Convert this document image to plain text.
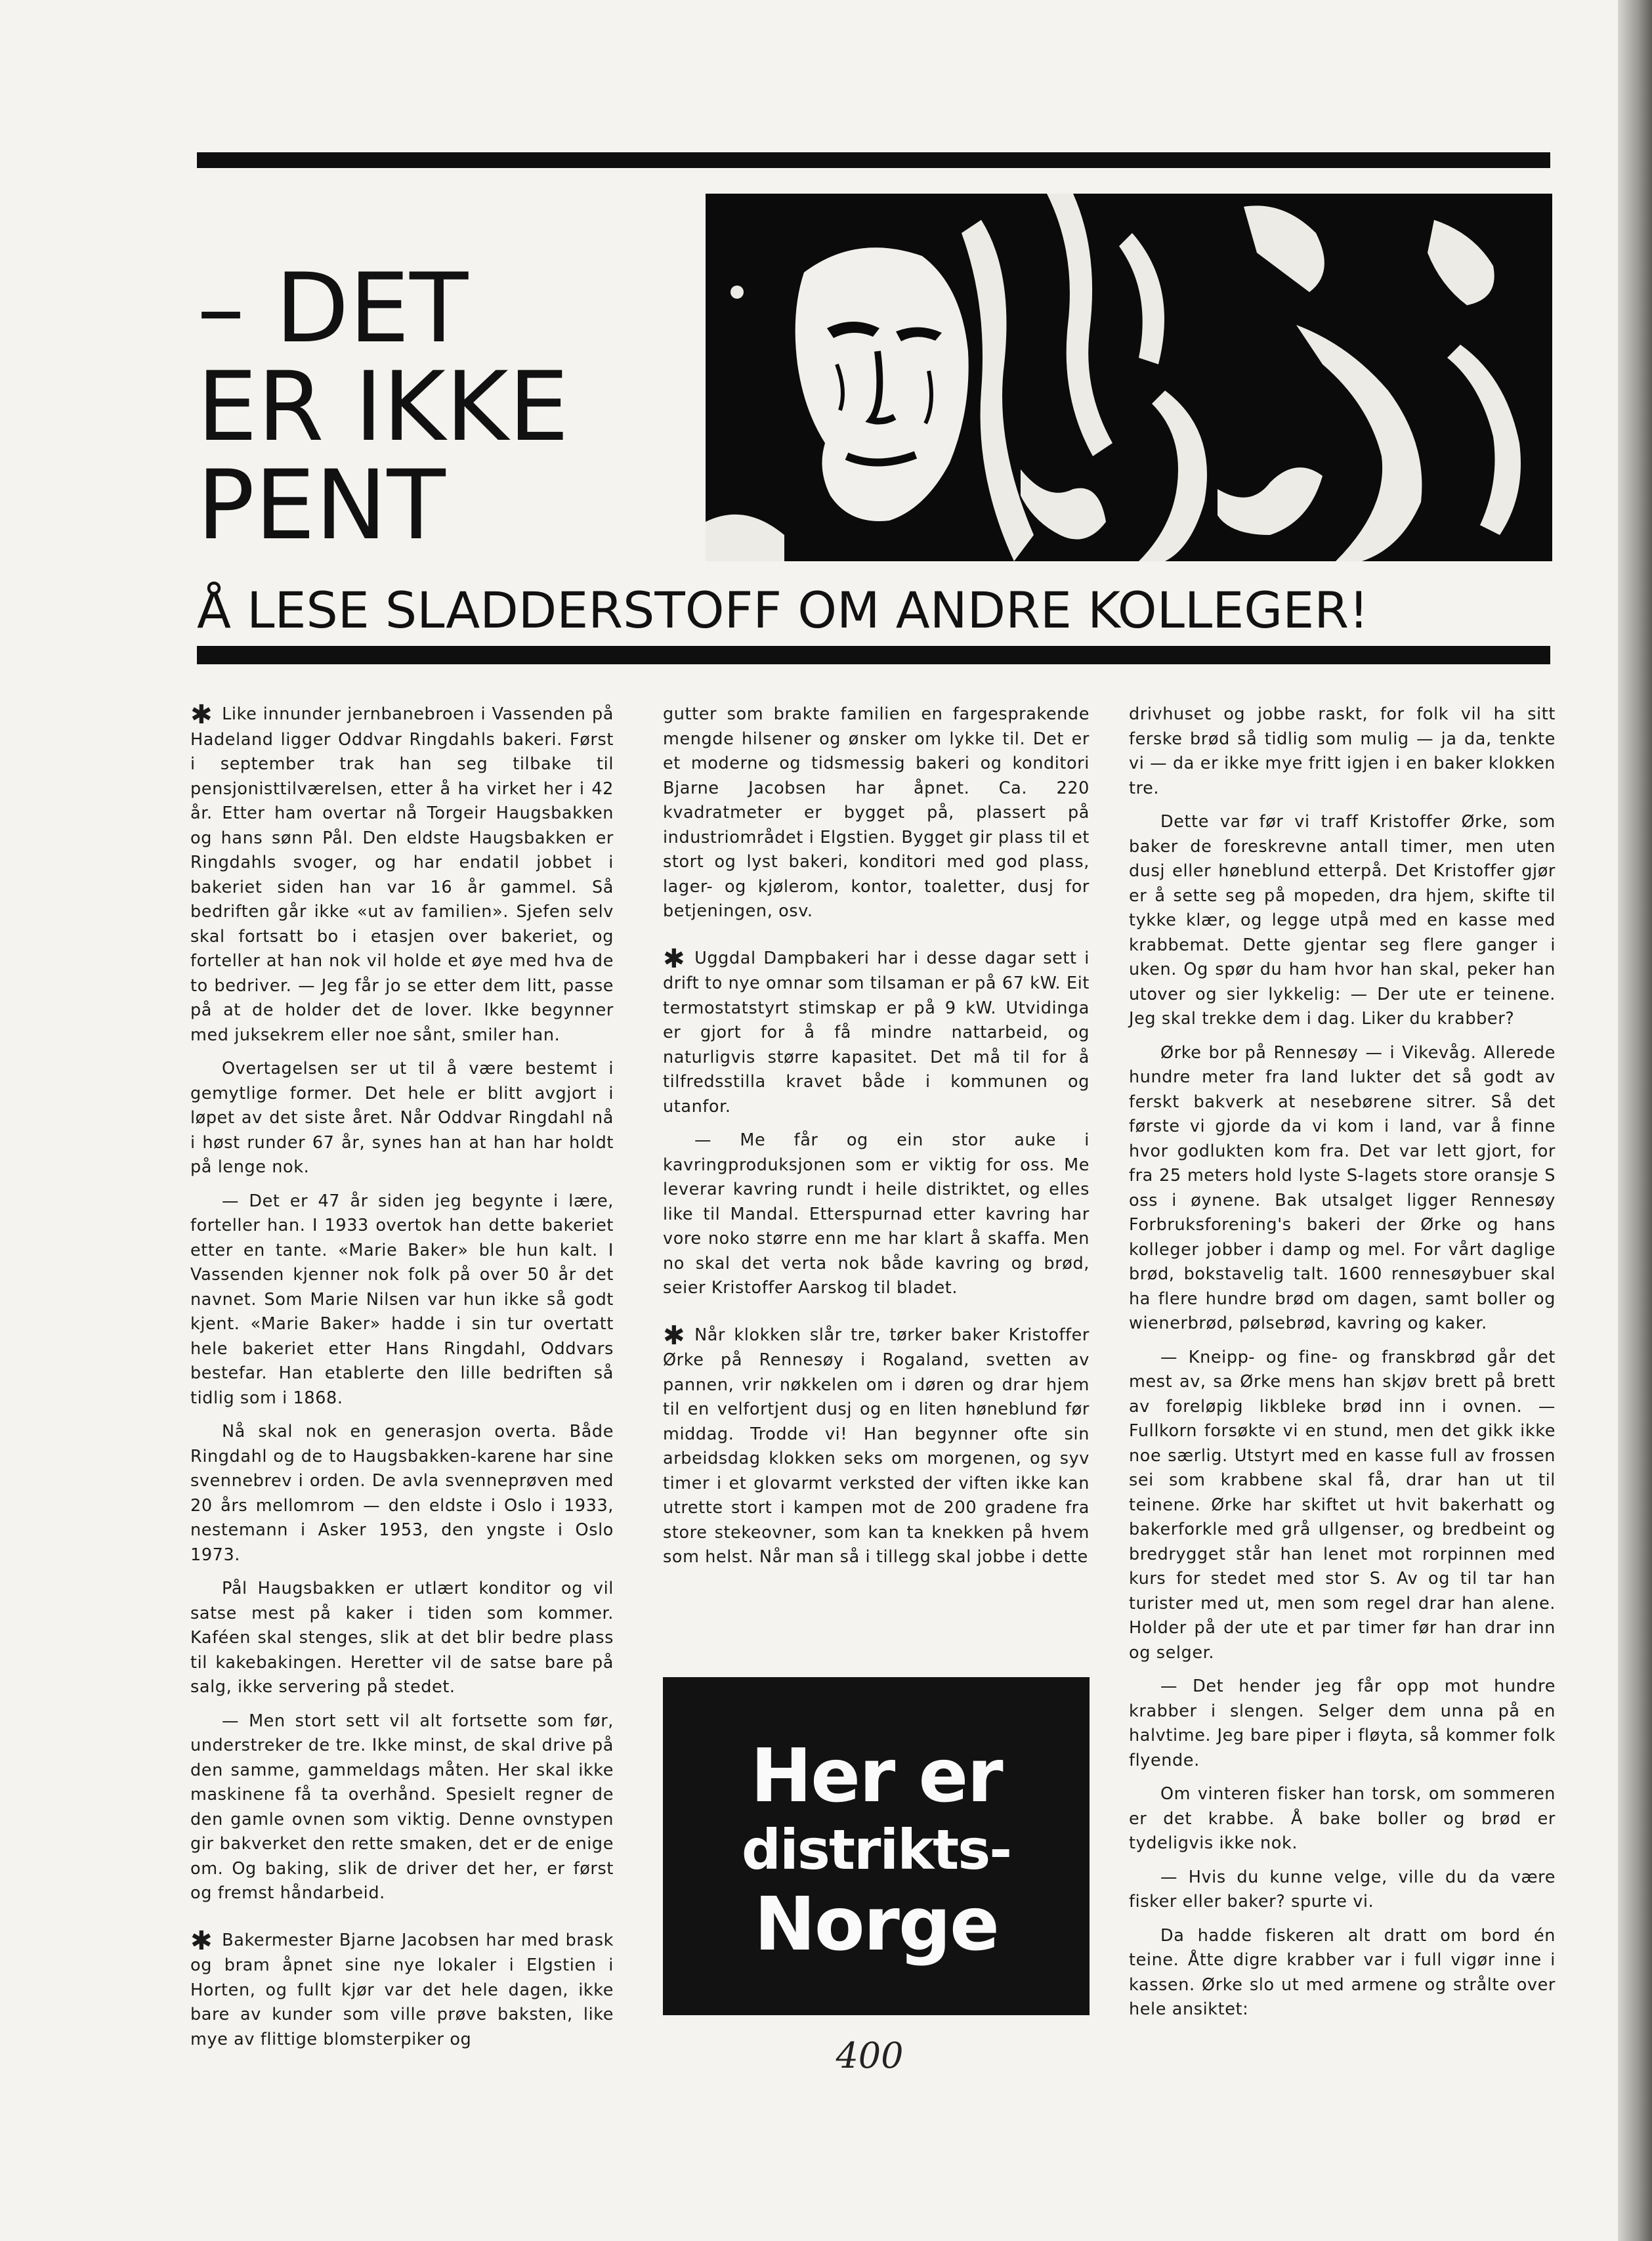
– DET
ER IKKE
PENT
Å LESE SLADDERSTOFF OM ANDRE KOLLEGER!

✱ Like innunder jernbanebroen i Vassenden på Hadeland ligger Oddvar Ringdahls bakeri. Først i september trak han seg tilbake til pensjonisttilværelsen, etter å ha virket her i 42 år. Etter ham overtar nå Torgeir Haugsbakken og hans sønn Pål. Den eldste Haugsbakken er Ringdahls svoger, og har endatil jobbet i bakeriet siden han var 16 år gammel. Så bedriften går ikke «ut av familien». Sjefen selv skal fortsatt bo i etasjen over bakeriet, og forteller at han nok vil holde et øye med hva de to bedriver. — Jeg får jo se etter dem litt, passe på at de holder det de lover. Ikke begynner med juksekrem eller noe sånt, smiler han.

Overtagelsen ser ut til å være bestemt i gemytlige former. Det hele er blitt avgjort i løpet av det siste året. Når Oddvar Ringdahl nå i høst runder 67 år, synes han at han har holdt på lenge nok.

— Det er 47 år siden jeg begynte i lære, forteller han. I 1933 overtok han dette bakeriet etter en tante. «Marie Baker» ble hun kalt. I Vassenden kjenner nok folk på over 50 år det navnet. Som Marie Nilsen var hun ikke så godt kjent. «Marie Baker» hadde i sin tur overtatt hele bakeriet etter Hans Ringdahl, Oddvars bestefar. Han etablerte den lille bedriften så tidlig som i 1868.

Nå skal nok en generasjon overta. Både Ringdahl og de to Haugsbakken-karene har sine svennebrev i orden. De avla svenneprøven med 20 års mellomrom — den eldste i Oslo i 1933, nestemann i Asker 1953, den yngste i Oslo 1973.

Pål Haugsbakken er utlært konditor og vil satse mest på kaker i tiden som kommer. Kaféen skal stenges, slik at det blir bedre plass til kakebakingen. Heretter vil de satse bare på salg, ikke servering på stedet.

— Men stort sett vil alt fortsette som før, understreker de tre. Ikke minst, de skal drive på den samme, gammeldags måten. Her skal ikke maskinene få ta overhånd. Spesielt regner de den gamle ovnen som viktig. Denne ovnstypen gir bakverket den rette smaken, det er de enige om. Og baking, slik de driver det her, er først og fremst håndarbeid.

✱ Bakermester Bjarne Jacobsen har med brask og bram åpnet sine nye lokaler i Elgstien i Horten, og fullt kjør var det hele dagen, ikke bare av kunder som ville prøve baksten, like mye av flittige blomsterpiker og

gutter som brakte familien en fargesprakende mengde hilsener og ønsker om lykke til. Det er et moderne og tidsmessig bakeri og konditori Bjarne Jacobsen har åpnet. Ca. 220 kvadratmeter er bygget på, plassert på industriområdet i Elgstien. Bygget gir plass til et stort og lyst bakeri, konditori med god plass, lager- og kjølerom, kontor, toaletter, dusj for betjeningen, osv.

✱ Uggdal Dampbakeri har i desse dagar sett i drift to nye omnar som tilsaman er på 67 kW. Eit termostatstyrt stimskap er på 9 kW. Utvidinga er gjort for å få mindre nattarbeid, og naturligvis større kapasitet. Det må til for å tilfredsstilla kravet både i kommunen og utanfor.

— Me får og ein stor auke i kavringproduksjonen som er viktig for oss. Me leverar kavring rundt i heile distriktet, og elles like til Mandal. Etterspurnad etter kavring har vore noko større enn me har klart å skaffa. Men no skal det verta nok både kavring og brød, seier Kristoffer Aarskog til bladet.

✱ Når klokken slår tre, tørker baker Kristoffer Ørke på Rennesøy i Rogaland, svetten av pannen, vrir nøkkelen om i døren og drar hjem til en velfortjent dusj og en liten høneblund før middag. Trodde vi! Han begynner ofte sin arbeidsdag klokken seks om morgenen, og syv timer i et glovarmt verksted der viften ikke kan utrette stort i kampen mot de 200 gradene fra store stekeovner, som kan ta knekken på hvem som helst. Når man så i tillegg skal jobbe i dette

Her er
distrikts-
Norge

drivhuset og jobbe raskt, for folk vil ha sitt ferske brød så tidlig som mulig — ja da, tenkte vi — da er ikke mye fritt igjen i en baker klokken tre.

Dette var før vi traff Kristoffer Ørke, som baker de foreskrevne antall timer, men uten dusj eller høneblund etterpå. Det Kristoffer gjør er å sette seg på mopeden, dra hjem, skifte til tykke klær, og legge utpå med en kasse med krabbemat. Dette gjentar seg flere ganger i uken. Og spør du ham hvor han skal, peker han utover og sier lykkelig: — Der ute er teinene. Jeg skal trekke dem i dag. Liker du krabber?

Ørke bor på Rennesøy — i Vikevåg. Allerede hundre meter fra land lukter det så godt av ferskt bakverk at nesebørene sitrer. Så det første vi gjorde da vi kom i land, var å finne hvor godlukten kom fra. Det var lett gjort, for fra 25 meters hold lyste S-lagets store oransje S oss i øynene. Bak utsalget ligger Rennesøy Forbruksforening's bakeri der Ørke og hans kolleger jobber i damp og mel. For vårt daglige brød, bokstavelig talt. 1600 rennesøybuer skal ha flere hundre brød om dagen, samt boller og wienerbrød, pølsebrød, kavring og kaker.

— Kneipp- og fine- og franskbrød går det mest av, sa Ørke mens han skjøv brett på brett av foreløpig likbleke brød inn i ovnen. — Fullkorn forsøkte vi en stund, men det gikk ikke noe særlig. Utstyrt med en kasse full av frossen sei som krabbene skal få, drar han ut til teinene. Ørke har skiftet ut hvit bakerhatt og bakerforkle med grå ullgenser, og bredbeint og bredrygget står han lenet mot rorpinnen med kurs for stedet med stor S. Av og til tar han turister med ut, men som regel drar han alene. Holder på der ute et par timer før han drar inn og selger.

— Det hender jeg får opp mot hundre krabber i slengen. Selger dem unna på en halvtime. Jeg bare piper i fløyta, så kommer folk flyende.

Om vinteren fisker han torsk, om sommeren er det krabbe. Å bake boller og brød er tydeligvis ikke nok.

— Hvis du kunne velge, ville du da være fisker eller baker? spurte vi.

Da hadde fiskeren alt dratt om bord én teine. Åtte digre krabber var i full vigør inne i kassen. Ørke slo ut med armene og strålte over hele ansiktet:

400
